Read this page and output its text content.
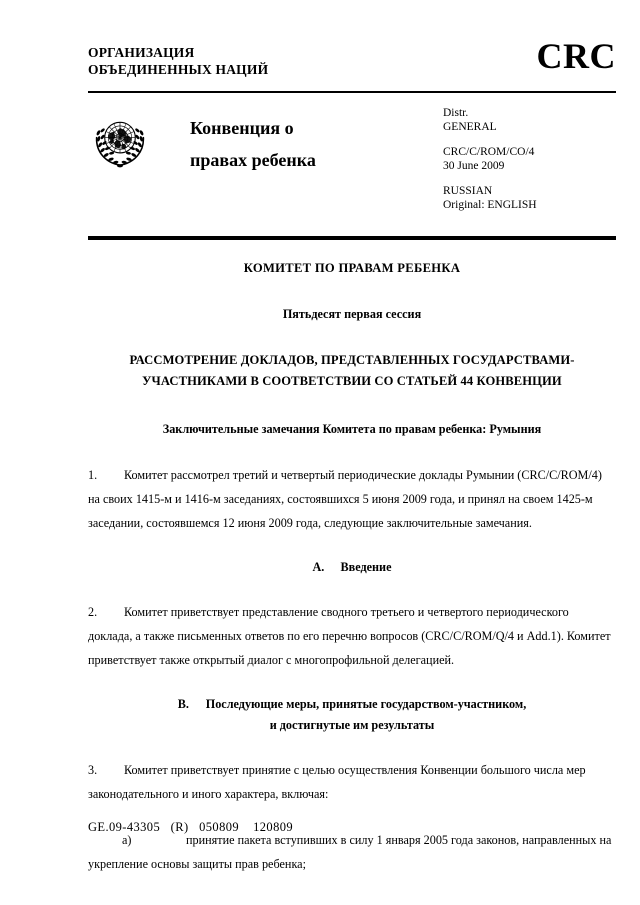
ОРГАНИЗАЦИЯ
ОБЪЕДИНЕННЫХ НАЦИЙ	CRC
Конвенция о
правах ребенка
Distr.
GENERAL
CRC/C/ROM/CO/4
30 June 2009
RUSSIAN
Original: ENGLISH
КОМИТЕТ ПО ПРАВАМ РЕБЕНКА
Пятьдесят первая сессия
РАССМОТРЕНИЕ ДОКЛАДОВ, ПРЕДСТАВЛЕННЫХ ГОСУДАРСТВАМИ-
УЧАСТНИКАМИ В СООТВЕТСТВИИ СО СТАТЬЕЙ 44 КОНВЕНЦИИ
Заключительные замечания Комитета по правам ребенка: Румыния

1. Комитет рассмотрел третий и четвертый периодические доклады Румынии (CRC/C/ROM/4) на своих 1415-м и 1416-м заседаниях, состоявшихся 5 июня 2009 года, и принял на своем 1425-м заседании, состоявшемся 12 июня 2009 года, следующие заключительные замечания.

A. Введение

2. Комитет приветствует представление сводного третьего и четвертого периодического доклада, а также письменных ответов по его перечню вопросов (CRC/C/ROM/Q/4 и Add.1). Комитет приветствует также открытый диалог с многопрофильной делегацией.

B. Последующие меры, принятые государством-участником,
и достигнутые им результаты

3. Комитет приветствует принятие с целью осуществления Конвенции большого числа мер законодательного и иного характера, включая:

a)	принятие пакета вступивших в силу 1 января 2005 года законов, направленных на укрепление основы защиты прав ребенка;

GE.09-43305   (R)   050809    120809
